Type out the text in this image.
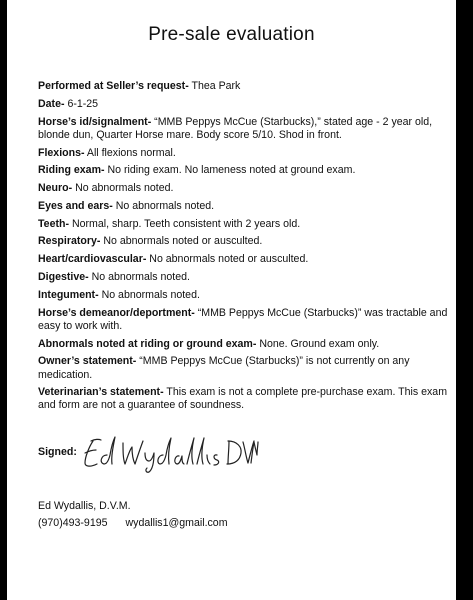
Pre-sale evaluation
Performed at Seller’s request- Thea Park
Date- 6-1-25
Horse’s id/signalment- “MMB Peppys McCue (Starbucks),” stated age - 2 year old, blonde dun, Quarter Horse mare. Body score 5/10. Shod in front.
Flexions- All flexions normal.
Riding exam- No riding exam. No lameness noted at ground exam.
Neuro- No abnormals noted.
Eyes and ears- No abnormals noted.
Teeth- Normal, sharp. Teeth consistent with 2 years old.
Respiratory- No abnormals noted or ausculted.
Heart/cardiovascular- No abnormals noted or ausculted.
Digestive- No abnormals noted.
Integument- No abnormals noted.
Horse’s demeanor/deportment- “MMB Peppys McCue (Starbucks)” was tractable and easy to work with.
Abnormals noted at riding or ground exam- None. Ground exam only.
Owner’s statement- “MMB Peppys McCue (Starbucks)” is not currently on any medication.
Veterinarian’s statement- This exam is not a complete pre-purchase exam. This exam and form are not a guarantee of soundness.
Signed:
Ed Wydallis, D.V.M.
(970)493-9195 wydallis1@gmail.com
